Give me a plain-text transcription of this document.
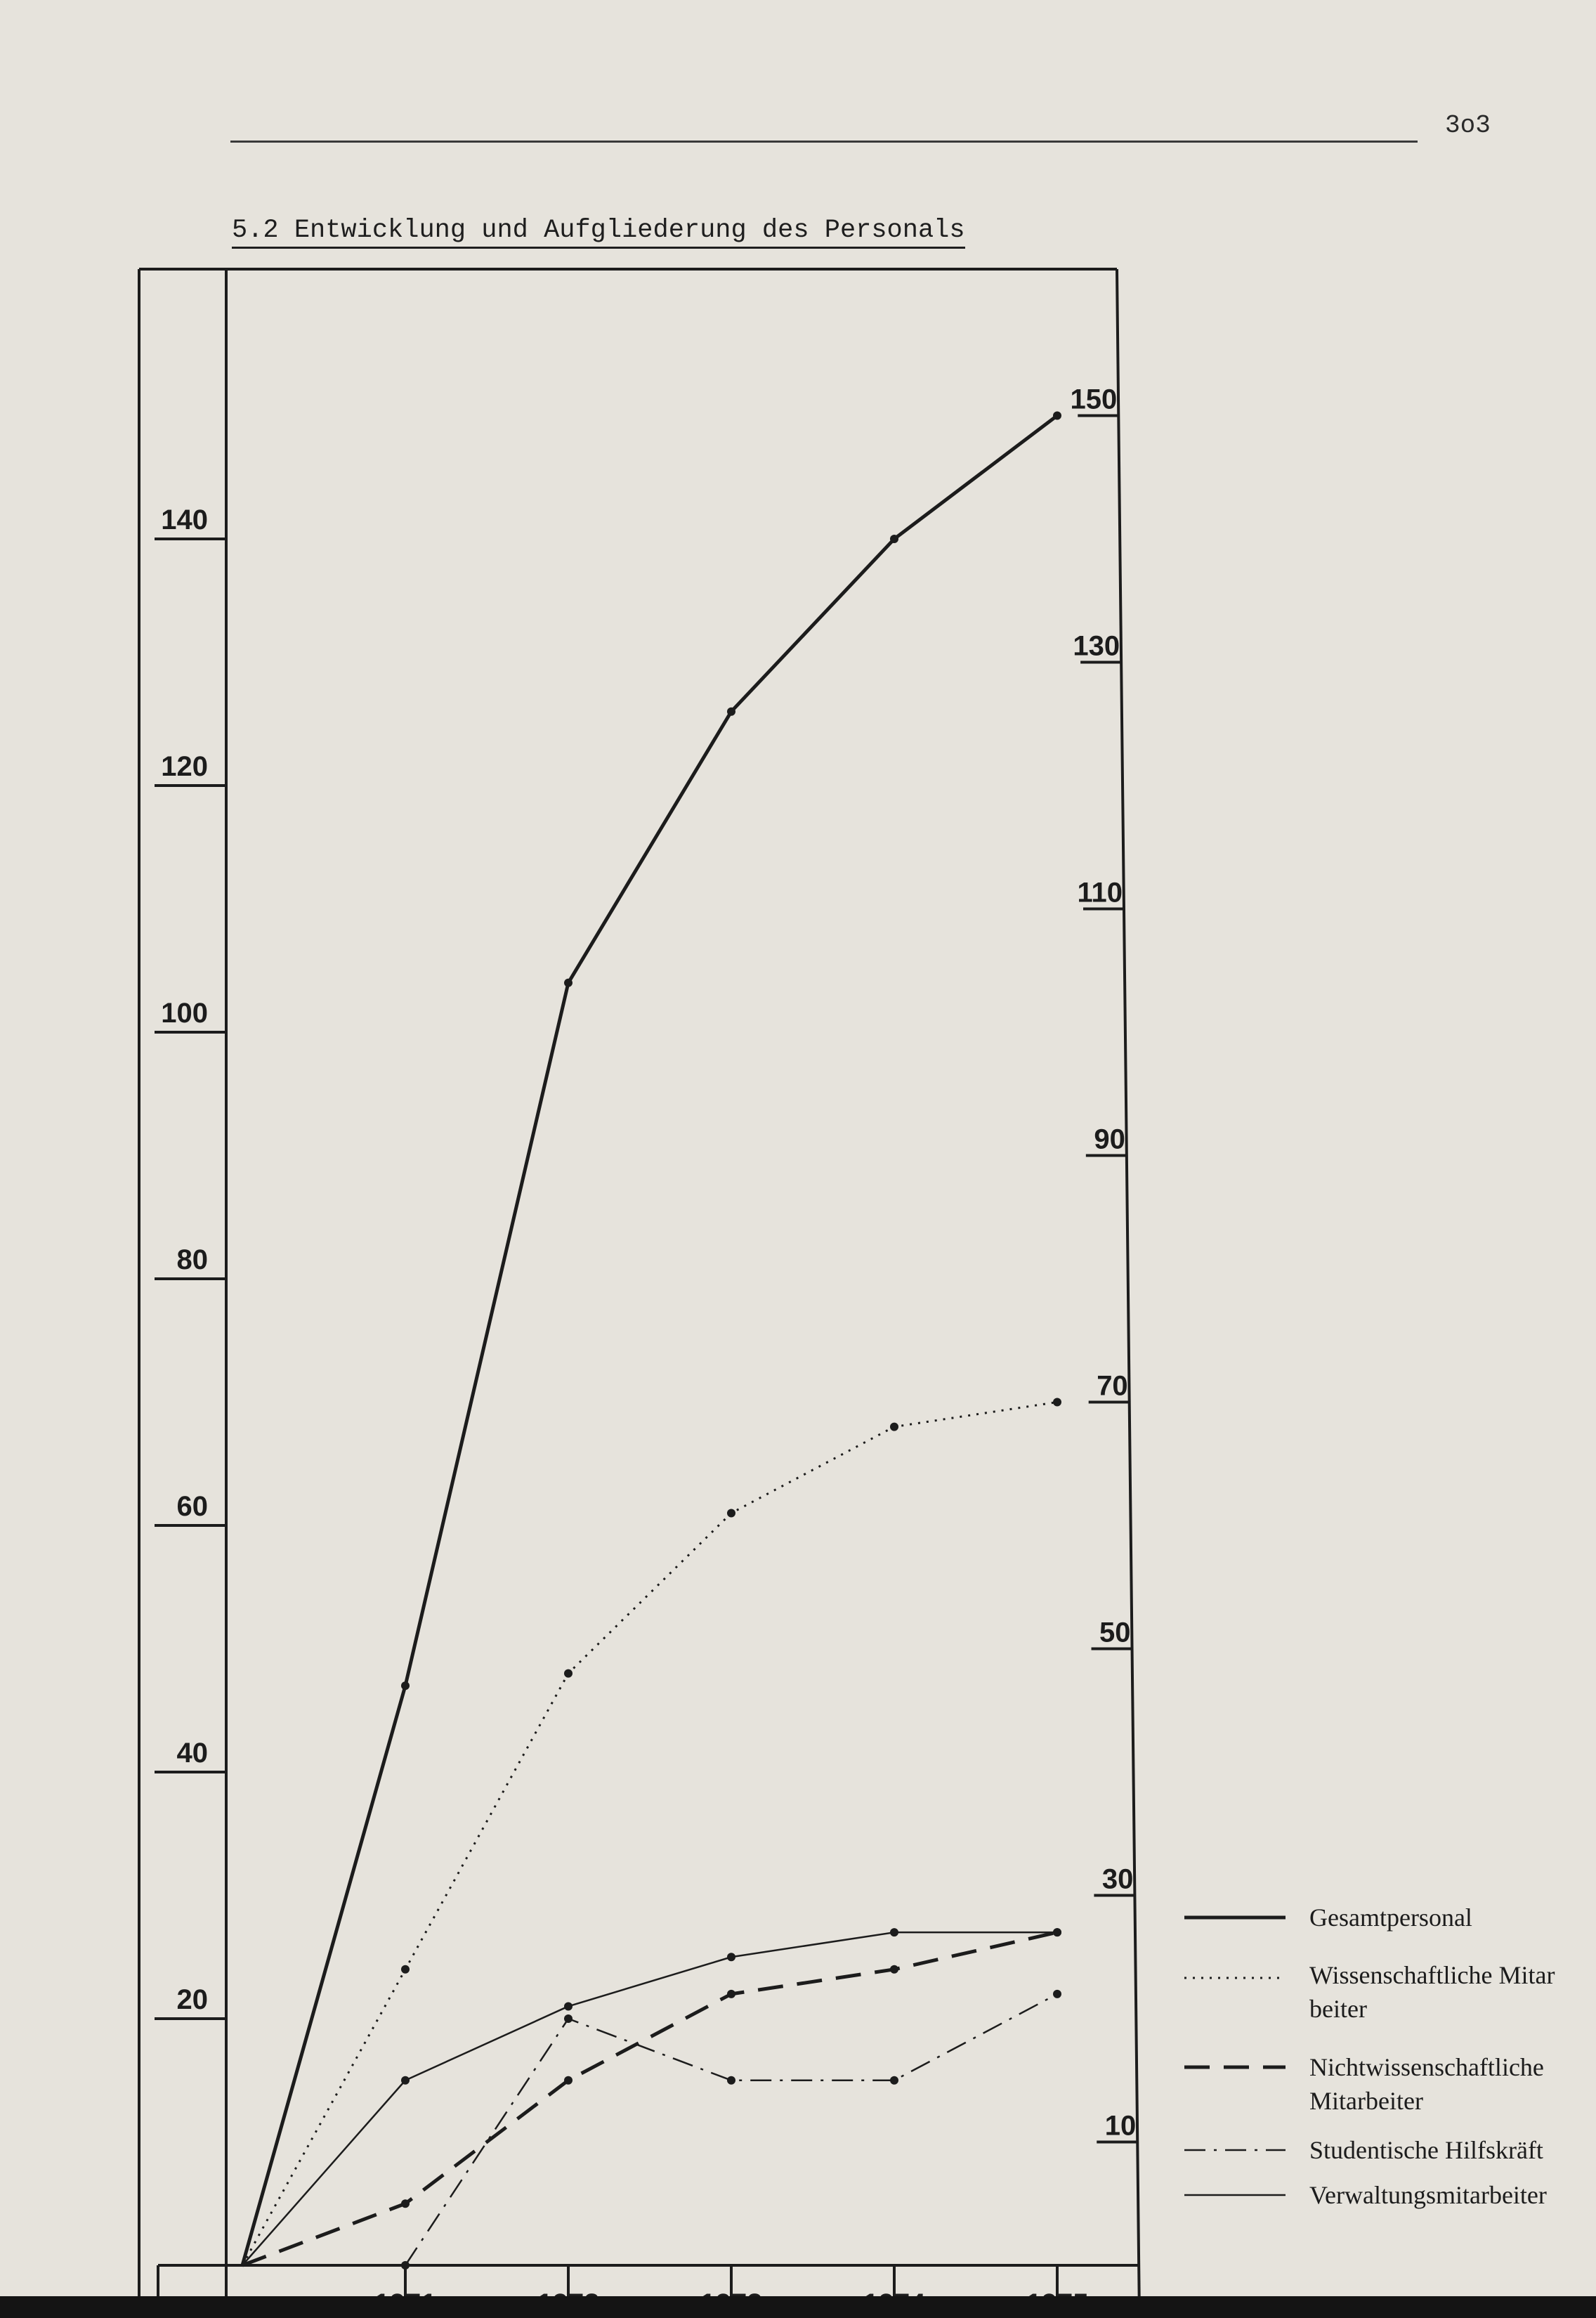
3o3
5.2 Entwicklung und Aufgliederung des Personals
20
40
60
80
100
120
140
10
30
50
70
90
110
130
150
Gesamtpersonal
Wissenschaftliche Mitar
beiter
Nichtwissenschaftliche
Mitarbeiter
Studentische Hilfskräft
Verwaltungsmitarbeiter
